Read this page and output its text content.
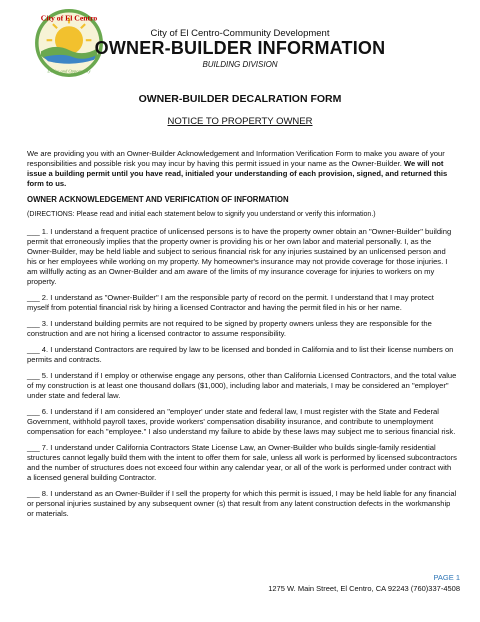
City of El Centro
Desire and Opportunity
City of El Centro-Community Development
OWNER-BUILDER INFORMATION
BUILDING DIVISION
OWNER-BUILDER DECALRATION FORM
NOTICE TO PROPERTY OWNER

We are providing you with an Owner-Builder Acknowledgement and Information Verification Form to make you aware of your responsibilities and possible risk you may incur by having this permit issued in your name as the Owner-Builder. We will not issue a building permit until you have read, initialed your understanding of each provision, signed, and returned this form to us.

OWNER ACKNOWLEDGEMENT AND VERIFICATION OF INFORMATION

(DIRECTIONS: Please read and initial each statement below to signify you understand or verify this information.)

___ 1. I understand a frequent practice of unlicensed persons is to have the property owner obtain an "Owner-Builder" building permit that erroneously implies that the property owner is providing his or her own labor and material personally. I, as the Owner-Builder, may be held liable and subject to serious financial risk for any injuries sustained by an unlicensed person and his or her employees while working on my property. My homeowner's insurance may not provide coverage for those injuries. I am willfully acting as an Owner-Builder and am aware of the limits of my insurance coverage for injuries to workers on my property.

___ 2. I understand as "Owner-Builder" I am the responsible party of record on the permit. I understand that I may protect myself from potential financial risk by hiring a licensed Contractor and having the permit filed in his or her name.

___ 3. I understand building permits are not required to be signed by property owners unless they are responsible for the construction and are not hiring a licensed contractor to assume responsibility.

___ 4. I understand Contractors are required by law to be licensed and bonded in California and to list their license numbers on permits and contracts.

___ 5. I understand if I employ or otherwise engage any persons, other than California Licensed Contractors, and the total value of my construction is at least one thousand dollars ($1,000), including labor and materials, I may be considered an "employer" under state and federal law.

___ 6. I understand if I am considered an "employer' under state and federal law, I must register with the State and Federal Government, withhold payroll taxes, provide workers' compensation disability insurance, and contribute to unemployment compensation for each "employee." I also understand my failure to abide by these laws may subject me to serious financial risk.

___ 7. I understand under California Contractors State License Law, an Owner-Builder who builds single-family residential structures cannot legally build them with the intent to offer them for sale, unless all work is performed by licensed subcontractors and the number of structures does not exceed four within any calendar year, or all of the work is performed under contract with a licensed general building Contractor.

___ 8. I understand as an Owner-Builder if I sell the property for which this permit is issued, I may be held liable for any financial or personal injuries sustained by any subsequent owner (s) that result from any latent construction defects in the workmanship or materials.

PAGE 1
1275 W. Main Street, El Centro, CA 92243 (760)337-4508
